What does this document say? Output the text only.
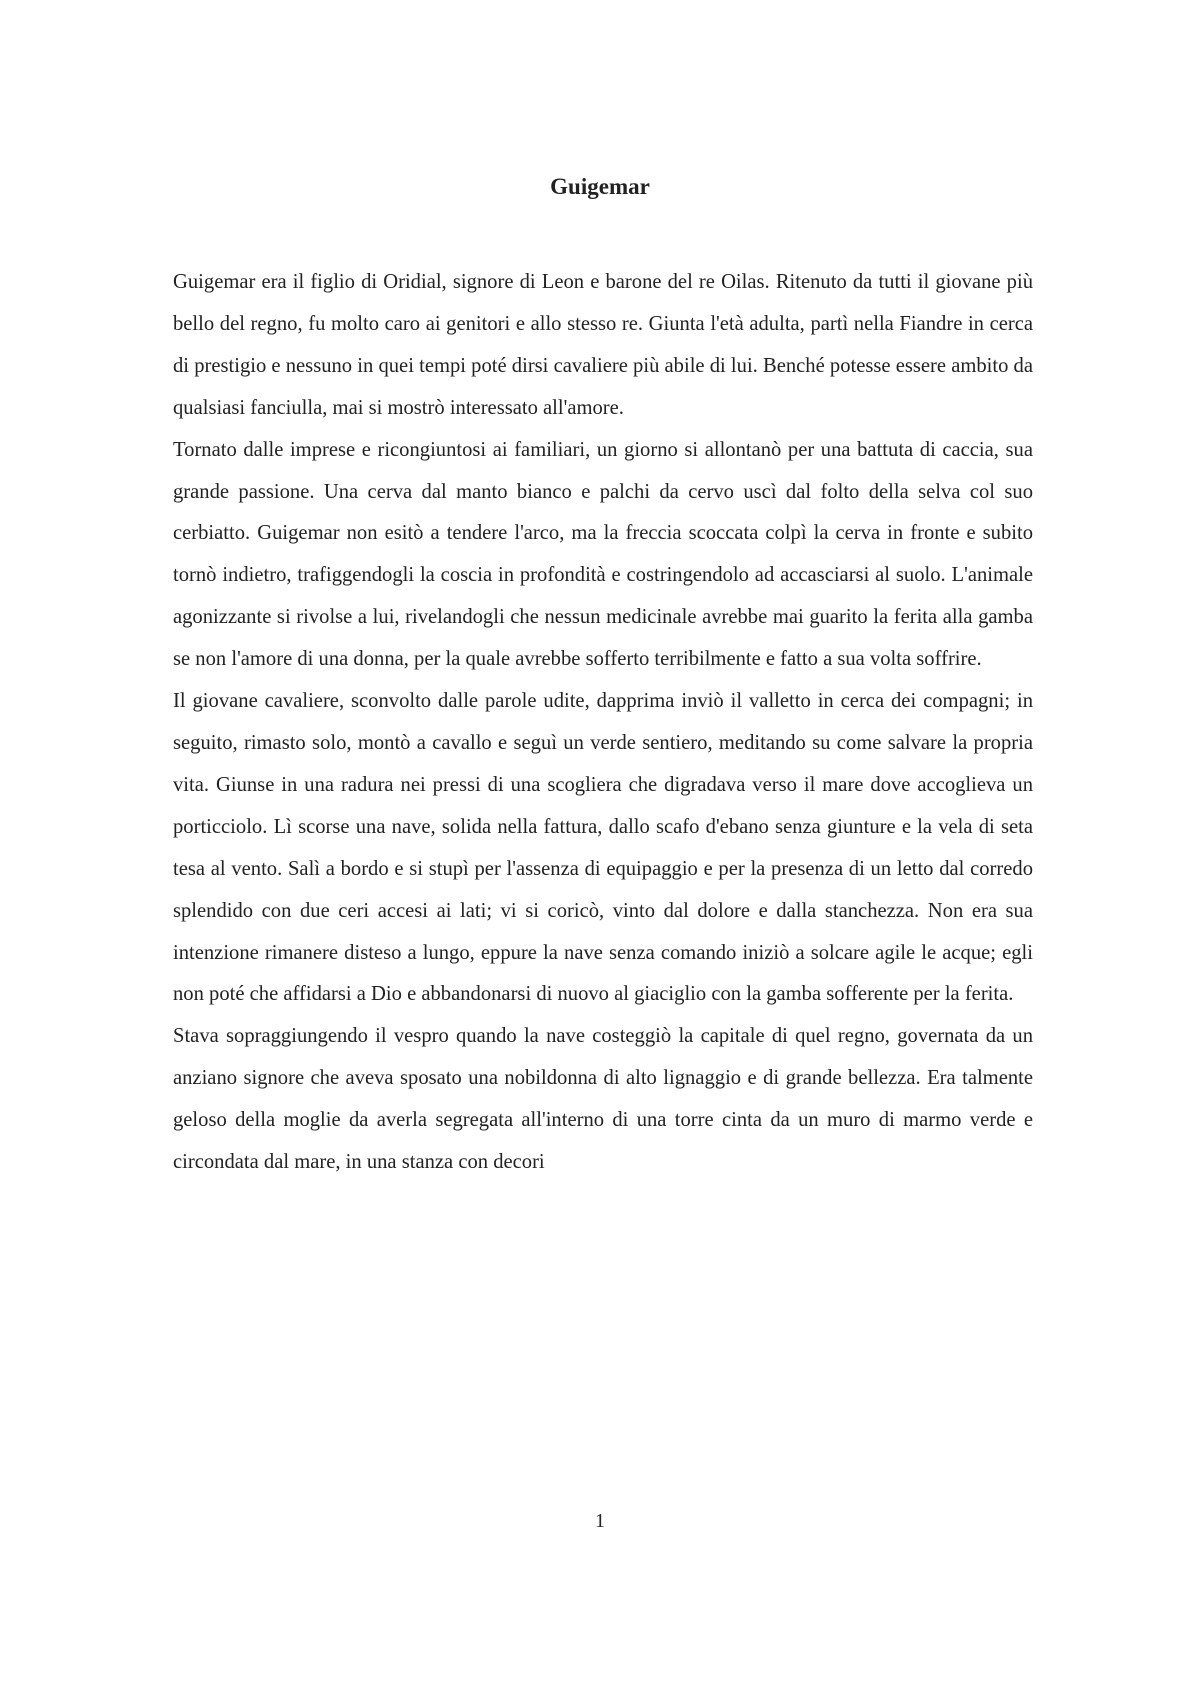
Guigemar

Guigemar era il figlio di Oridial, signore di Leon e barone del re Oilas. Ritenuto da tutti il giovane più bello del regno, fu molto caro ai genitori e allo stesso re. Giunta l'età adulta, partì nella Fiandre in cerca di prestigio e nessuno in quei tempi poté dirsi cavaliere più abile di lui. Benché potesse essere ambito da qualsiasi fanciulla, mai si mostrò interessato all'amore.

Tornato dalle imprese e ricongiuntosi ai familiari, un giorno si allontanò per una battuta di caccia, sua grande passione. Una cerva dal manto bianco e palchi da cervo uscì dal folto della selva col suo cerbiatto. Guigemar non esitò a tendere l'arco, ma la freccia scoccata colpì la cerva in fronte e subito tornò indietro, trafiggendogli la coscia in profondità e costringendolo ad accasciarsi al suolo. L'animale agonizzante si rivolse a lui, rivelandogli che nessun medicinale avrebbe mai guarito la ferita alla gamba se non l'amore di una donna, per la quale avrebbe sofferto terribilmente e fatto a sua volta soffrire.

Il giovane cavaliere, sconvolto dalle parole udite, dapprima inviò il valletto in cerca dei compagni; in seguito, rimasto solo, montò a cavallo e seguì un verde sentiero, meditando su come salvare la propria vita. Giunse in una radura nei pressi di una scogliera che digradava verso il mare dove accoglieva un porticciolo. Lì scorse una nave, solida nella fattura, dallo scafo d'ebano senza giunture e la vela di seta tesa al vento. Salì a bordo e si stupì per l'assenza di equipaggio e per la presenza di un letto dal corredo splendido con due ceri accesi ai lati; vi si coricò, vinto dal dolore e dalla stanchezza. Non era sua intenzione rimanere disteso a lungo, eppure la nave senza comando iniziò a solcare agile le acque; egli non poté che affidarsi a Dio e abbandonarsi di nuovo al giaciglio con la gamba sofferente per la ferita.

Stava sopraggiungendo il vespro quando la nave costeggiò la capitale di quel regno, governata da un anziano signore che aveva sposato una nobildonna di alto lignaggio e di grande bellezza. Era talmente geloso della moglie da averla segregata all'interno di una torre cinta da un muro di marmo verde e circondata dal mare, in una stanza con decori

1
